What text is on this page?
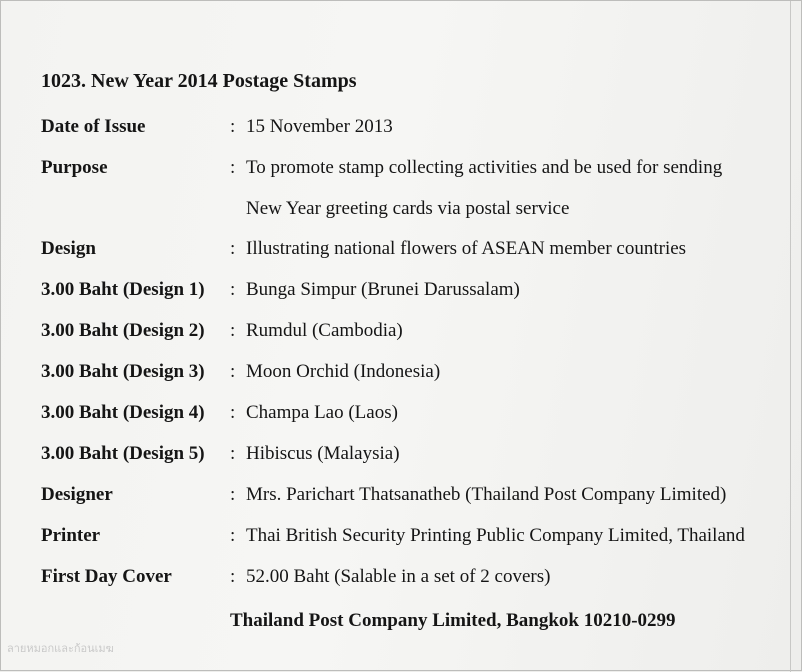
1023. New Year 2014 Postage Stamps
Date of Issue	: 15 November 2013
Purpose	: To promote stamp collecting activities and be used for sending
New Year greeting cards via postal service
Design	: Illustrating national flowers of ASEAN member countries
3.00 Baht (Design 1) : Bunga Simpur (Brunei Darussalam)
3.00 Baht (Design 2) : Rumdul (Cambodia)
3.00 Baht (Design 3) : Moon Orchid (Indonesia)
3.00 Baht (Design 4) : Champa Lao (Laos)
3.00 Baht (Design 5) : Hibiscus (Malaysia)
Designer	: Mrs. Parichart Thatsanatheb (Thailand Post Company Limited)
Printer	: Thai British Security Printing Public Company Limited, Thailand
First Day Cover	: 52.00 Baht (Salable in a set of 2 covers)
Thailand Post Company Limited, Bangkok 10210-0299
ลายหมอกและก้อนเมฆ
